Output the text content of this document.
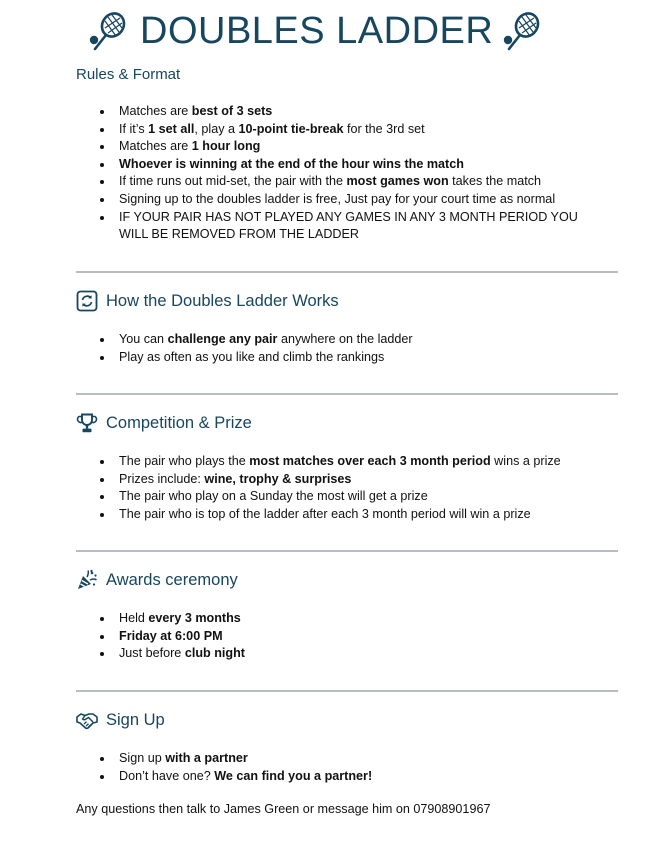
DOUBLES LADDER
Rules & Format
Matches are best of 3 sets
If it’s 1 set all, play a 10-point tie-break for the 3rd set
Matches are 1 hour long
Whoever is winning at the end of the hour wins the match
If time runs out mid-set, the pair with the most games won takes the match
Signing up to the doubles ladder is free, Just pay for your court time as normal
IF YOUR PAIR HAS NOT PLAYED ANY GAMES IN ANY 3 MONTH PERIOD YOU WILL BE REMOVED FROM THE LADDER
How the Doubles Ladder Works
You can challenge any pair anywhere on the ladder
Play as often as you like and climb the rankings
Competition & Prize
The pair who plays the most matches over each 3 month period wins a prize
Prizes include: wine, trophy & surprises
The pair who play on a Sunday the most will get a prize
The pair who is top of the ladder after each 3 month period will win a prize
Awards ceremony
Held every 3 months
Friday at 6:00 PM
Just before club night
Sign Up
Sign up with a partner
Don’t have one? We can find you a partner!
Any questions then talk to James Green or message him on 07908901967
